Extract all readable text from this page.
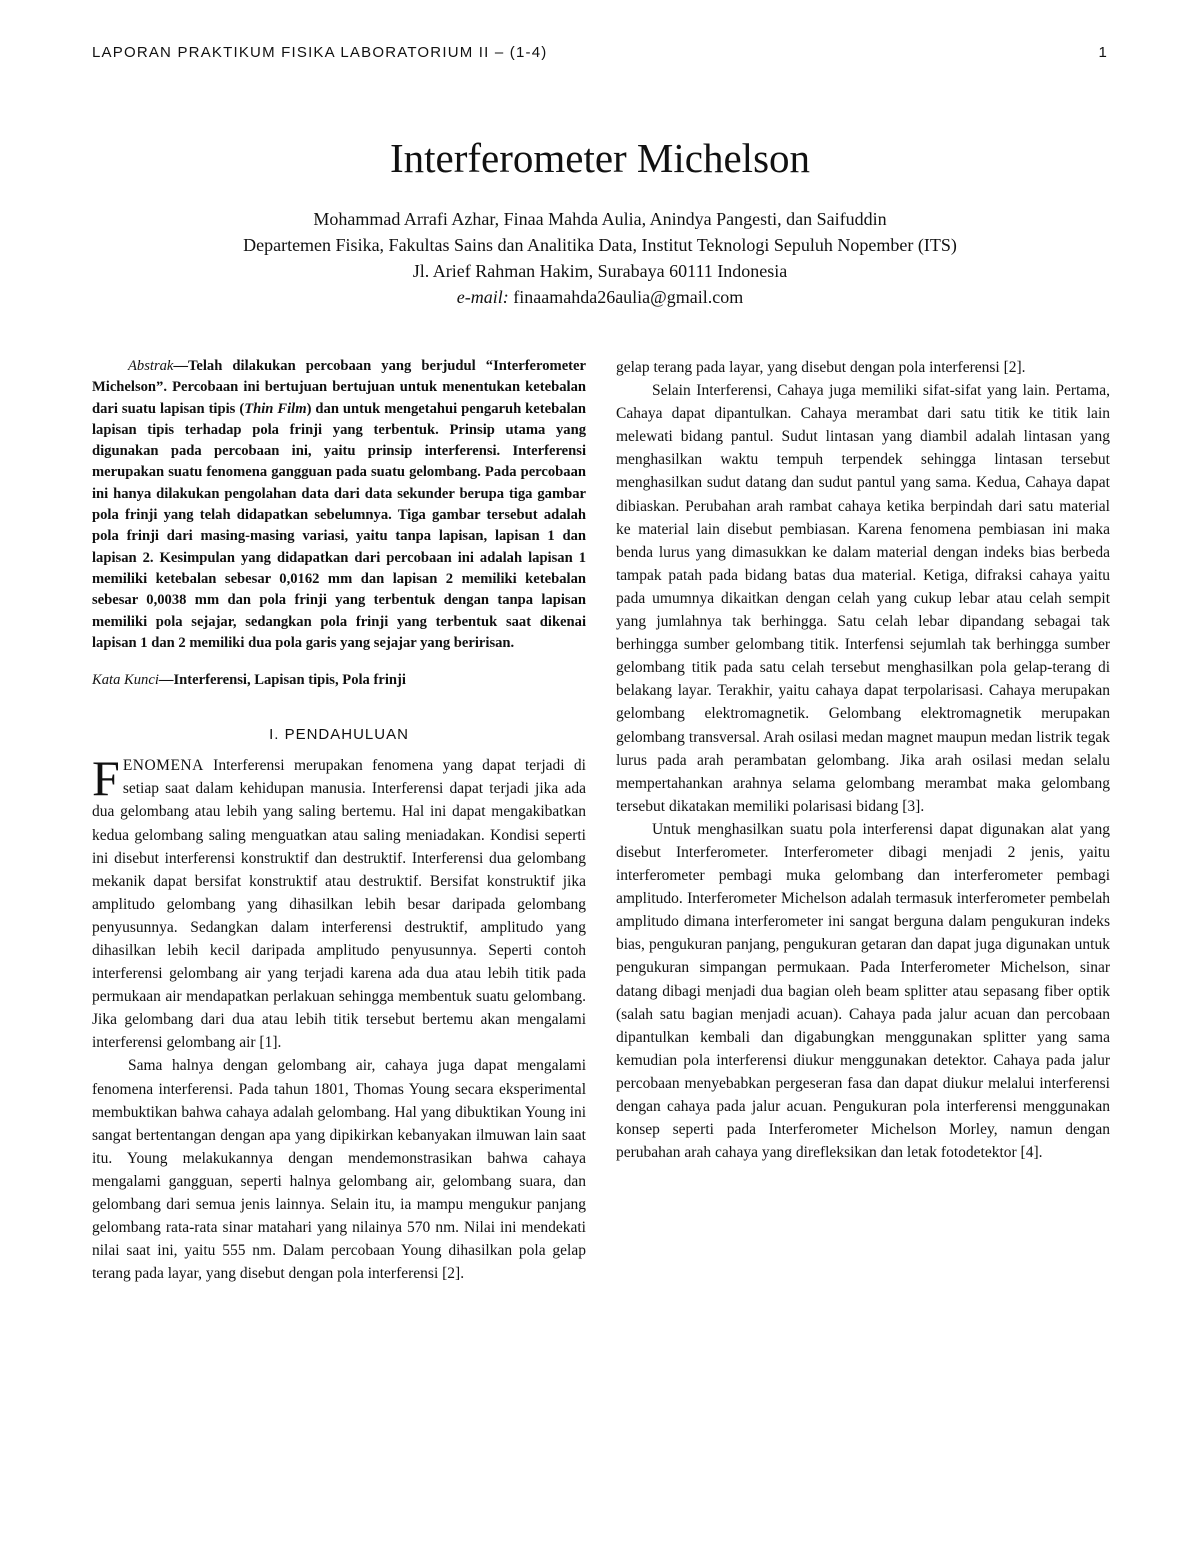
LAPORAN PRAKTIKUM FISIKA LABORATORIUM II – (1-4)	1
Interferometer Michelson
Mohammad Arrafi Azhar, Finaa Mahda Aulia, Anindya Pangesti, dan Saifuddin
Departemen Fisika, Fakultas Sains dan Analitika Data, Institut Teknologi Sepuluh Nopember (ITS)
Jl. Arief Rahman Hakim, Surabaya 60111 Indonesia
e-mail: finaamahda26aulia@gmail.com

Abstrak—Telah dilakukan percobaan yang berjudul “Interferometer Michelson”. Percobaan ini bertujuan bertujuan untuk menentukan ketebalan dari suatu lapisan tipis (Thin Film) dan untuk mengetahui pengaruh ketebalan lapisan tipis terhadap pola frinji yang terbentuk. Prinsip utama yang digunakan pada percobaan ini, yaitu prinsip interferensi. Interferensi merupakan suatu fenomena gangguan pada suatu gelombang. Pada percobaan ini hanya dilakukan pengolahan data dari data sekunder berupa tiga gambar pola frinji yang telah didapatkan sebelumnya. Tiga gambar tersebut adalah pola frinji dari masing-masing variasi, yaitu tanpa lapisan, lapisan 1 dan lapisan 2. Kesimpulan yang didapatkan dari percobaan ini adalah lapisan 1 memiliki ketebalan sebesar 0,0162 mm dan lapisan 2 memiliki ketebalan sebesar 0,0038 mm dan pola frinji yang terbentuk dengan tanpa lapisan memiliki pola sejajar, sedangkan pola frinji yang terbentuk saat dikenai lapisan 1 dan 2 memiliki dua pola garis yang sejajar yang beririsan.

Kata Kunci—Interferensi, Lapisan tipis, Pola frinji

I. PENDAHULUAN

FENOMENA Interferensi merupakan fenomena yang dapat terjadi di setiap saat dalam kehidupan manusia. Interferensi dapat terjadi jika ada dua gelombang atau lebih yang saling bertemu. Hal ini dapat mengakibatkan kedua gelombang saling menguatkan atau saling meniadakan. Kondisi seperti ini disebut interferensi konstruktif dan destruktif. Interferensi dua gelombang mekanik dapat bersifat konstruktif atau destruktif. Bersifat konstruktif jika amplitudo gelombang yang dihasilkan lebih besar daripada gelombang penyusunnya. Sedangkan dalam interferensi destruktif, amplitudo yang dihasilkan lebih kecil daripada amplitudo penyusunnya. Seperti contoh interferensi gelombang air yang terjadi karena ada dua atau lebih titik pada permukaan air mendapatkan perlakuan sehingga membentuk suatu gelombang. Jika gelombang dari dua atau lebih titik tersebut bertemu akan mengalami interferensi gelombang air [1].

Sama halnya dengan gelombang air, cahaya juga dapat mengalami fenomena interferensi. Pada tahun 1801, Thomas Young secara eksperimental membuktikan bahwa cahaya adalah gelombang. Hal yang dibuktikan Young ini sangat bertentangan dengan apa yang dipikirkan kebanyakan ilmuwan lain saat itu. Young melakukannya dengan mendemonstrasikan bahwa cahaya mengalami gangguan, seperti halnya gelombang air, gelombang suara, dan gelombang dari semua jenis lainnya. Selain itu, ia mampu mengukur panjang gelombang rata-rata sinar matahari yang nilainya 570 nm. Nilai ini mendekati nilai saat ini, yaitu 555 nm. Dalam percobaan Young dihasilkan pola gelap terang pada layar, yang disebut dengan pola interferensi [2].

gelap terang pada layar, yang disebut dengan pola interferensi [2].

Selain Interferensi, Cahaya juga memiliki sifat-sifat yang lain. Pertama, Cahaya dapat dipantulkan. Cahaya merambat dari satu titik ke titik lain melewati bidang pantul. Sudut lintasan yang diambil adalah lintasan yang menghasilkan waktu tempuh terpendek sehingga lintasan tersebut menghasilkan sudut datang dan sudut pantul yang sama. Kedua, Cahaya dapat dibiaskan. Perubahan arah rambat cahaya ketika berpindah dari satu material ke material lain disebut pembiasan. Karena fenomena pembiasan ini maka benda lurus yang dimasukkan ke dalam material dengan indeks bias berbeda tampak patah pada bidang batas dua material. Ketiga, difraksi cahaya yaitu pada umumnya dikaitkan dengan celah yang cukup lebar atau celah sempit yang jumlahnya tak berhingga. Satu celah lebar dipandang sebagai tak berhingga sumber gelombang titik. Interfensi sejumlah tak berhingga sumber gelombang titik pada satu celah tersebut menghasilkan pola gelap-terang di belakang layar. Terakhir, yaitu cahaya dapat terpolarisasi. Cahaya merupakan gelombang elektromagnetik. Gelombang elektromagnetik merupakan gelombang transversal. Arah osilasi medan magnet maupun medan listrik tegak lurus pada arah perambatan gelombang. Jika arah osilasi medan selalu mempertahankan arahnya selama gelombang merambat maka gelombang tersebut dikatakan memiliki polarisasi bidang [3].

Untuk menghasilkan suatu pola interferensi dapat digunakan alat yang disebut Interferometer. Interferometer dibagi menjadi 2 jenis, yaitu interferometer pembagi muka gelombang dan interferometer pembagi amplitudo. Interferometer Michelson adalah termasuk interferometer pembelah amplitudo dimana interferometer ini sangat berguna dalam pengukuran indeks bias, pengukuran panjang, pengukuran getaran dan dapat juga digunakan untuk pengukuran simpangan permukaan. Pada Interferometer Michelson, sinar datang dibagi menjadi dua bagian oleh beam splitter atau sepasang fiber optik (salah satu bagian menjadi acuan). Cahaya pada jalur acuan dan percobaan dipantulkan kembali dan digabungkan menggunakan splitter yang sama kemudian pola interferensi diukur menggunakan detektor. Cahaya pada jalur percobaan menyebabkan pergeseran fasa dan dapat diukur melalui interferensi dengan cahaya pada jalur acuan. Pengukuran pola interferensi menggunakan konsep seperti pada Interferometer Michelson Morley, namun dengan perubahan arah cahaya yang direfleksikan dan letak fotodetektor [4].
